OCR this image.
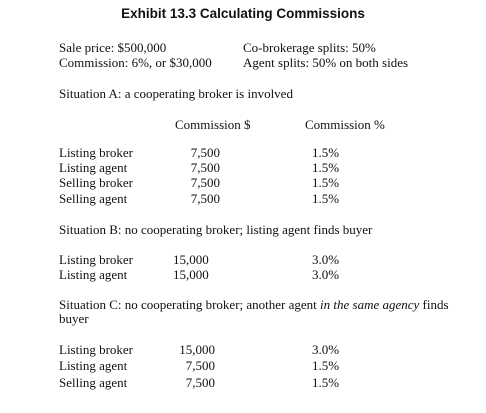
Exhibit 13.3 Calculating Commissions
Sale price: $500,000
Commission: 6%, or $30,000
Co-brokerage splits: 50%
Agent splits: 50% on both sides
Situation A: a cooperating broker is involved
Commission $	Commission %
Listing broker	7,500	1.5%
Listing agent	7,500	1.5%
Selling broker	7,500	1.5%
Selling agent	7,500	1.5%
Situation B: no cooperating broker; listing agent finds buyer
Listing broker	15,000	3.0%
Listing agent	15,000	3.0%
Situation C: no cooperating broker; another agent in the same agency finds buyer
Listing broker	15,000	3.0%
Listing agent	7,500	1.5%
Selling agent	7,500	1.5%
